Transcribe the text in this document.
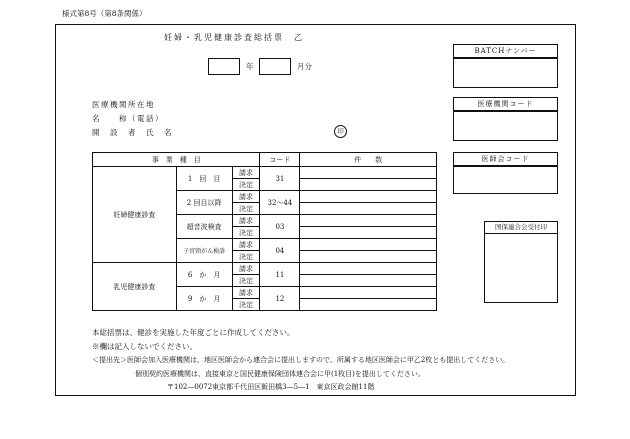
様式第8号（第8条関係）
妊婦・乳児健康診査総括票　乙
年	月分
BATCHナンバー
医療機関コード
医師会コード
国保連合会受付印
医療機関所在地
名　　称（電話）
開　設　者　氏　名	印
事　業　種　目			コード	件　　数
妊婦健康診査	1　回　目	請求	31	
		決定		
	2 回目以降	請求	32〜44	
		決定		
	超音波検査	請求	03	
		決定		
	子宮頸がん検診	請求	04	
		決定		
乳児健康診査	6　か　月	請求	11	
		決定		
	9　か　月	請求	12	
		決定		
本総括票は、健診を実施した年度ごとに作成してください。
※欄は記入しないでください。
＜提出先＞医師会加入医療機関は、地区医師会から連合会に提出しますので、所属する地区医師会に甲乙2枚とも提出してください。
個別契約医療機関は、直接東京と国民健康保険団体連合会に甲(1枚目)を提出してください。
〒102―0072東京都千代田区飯田橋3―5―1　東京区政会館11階
